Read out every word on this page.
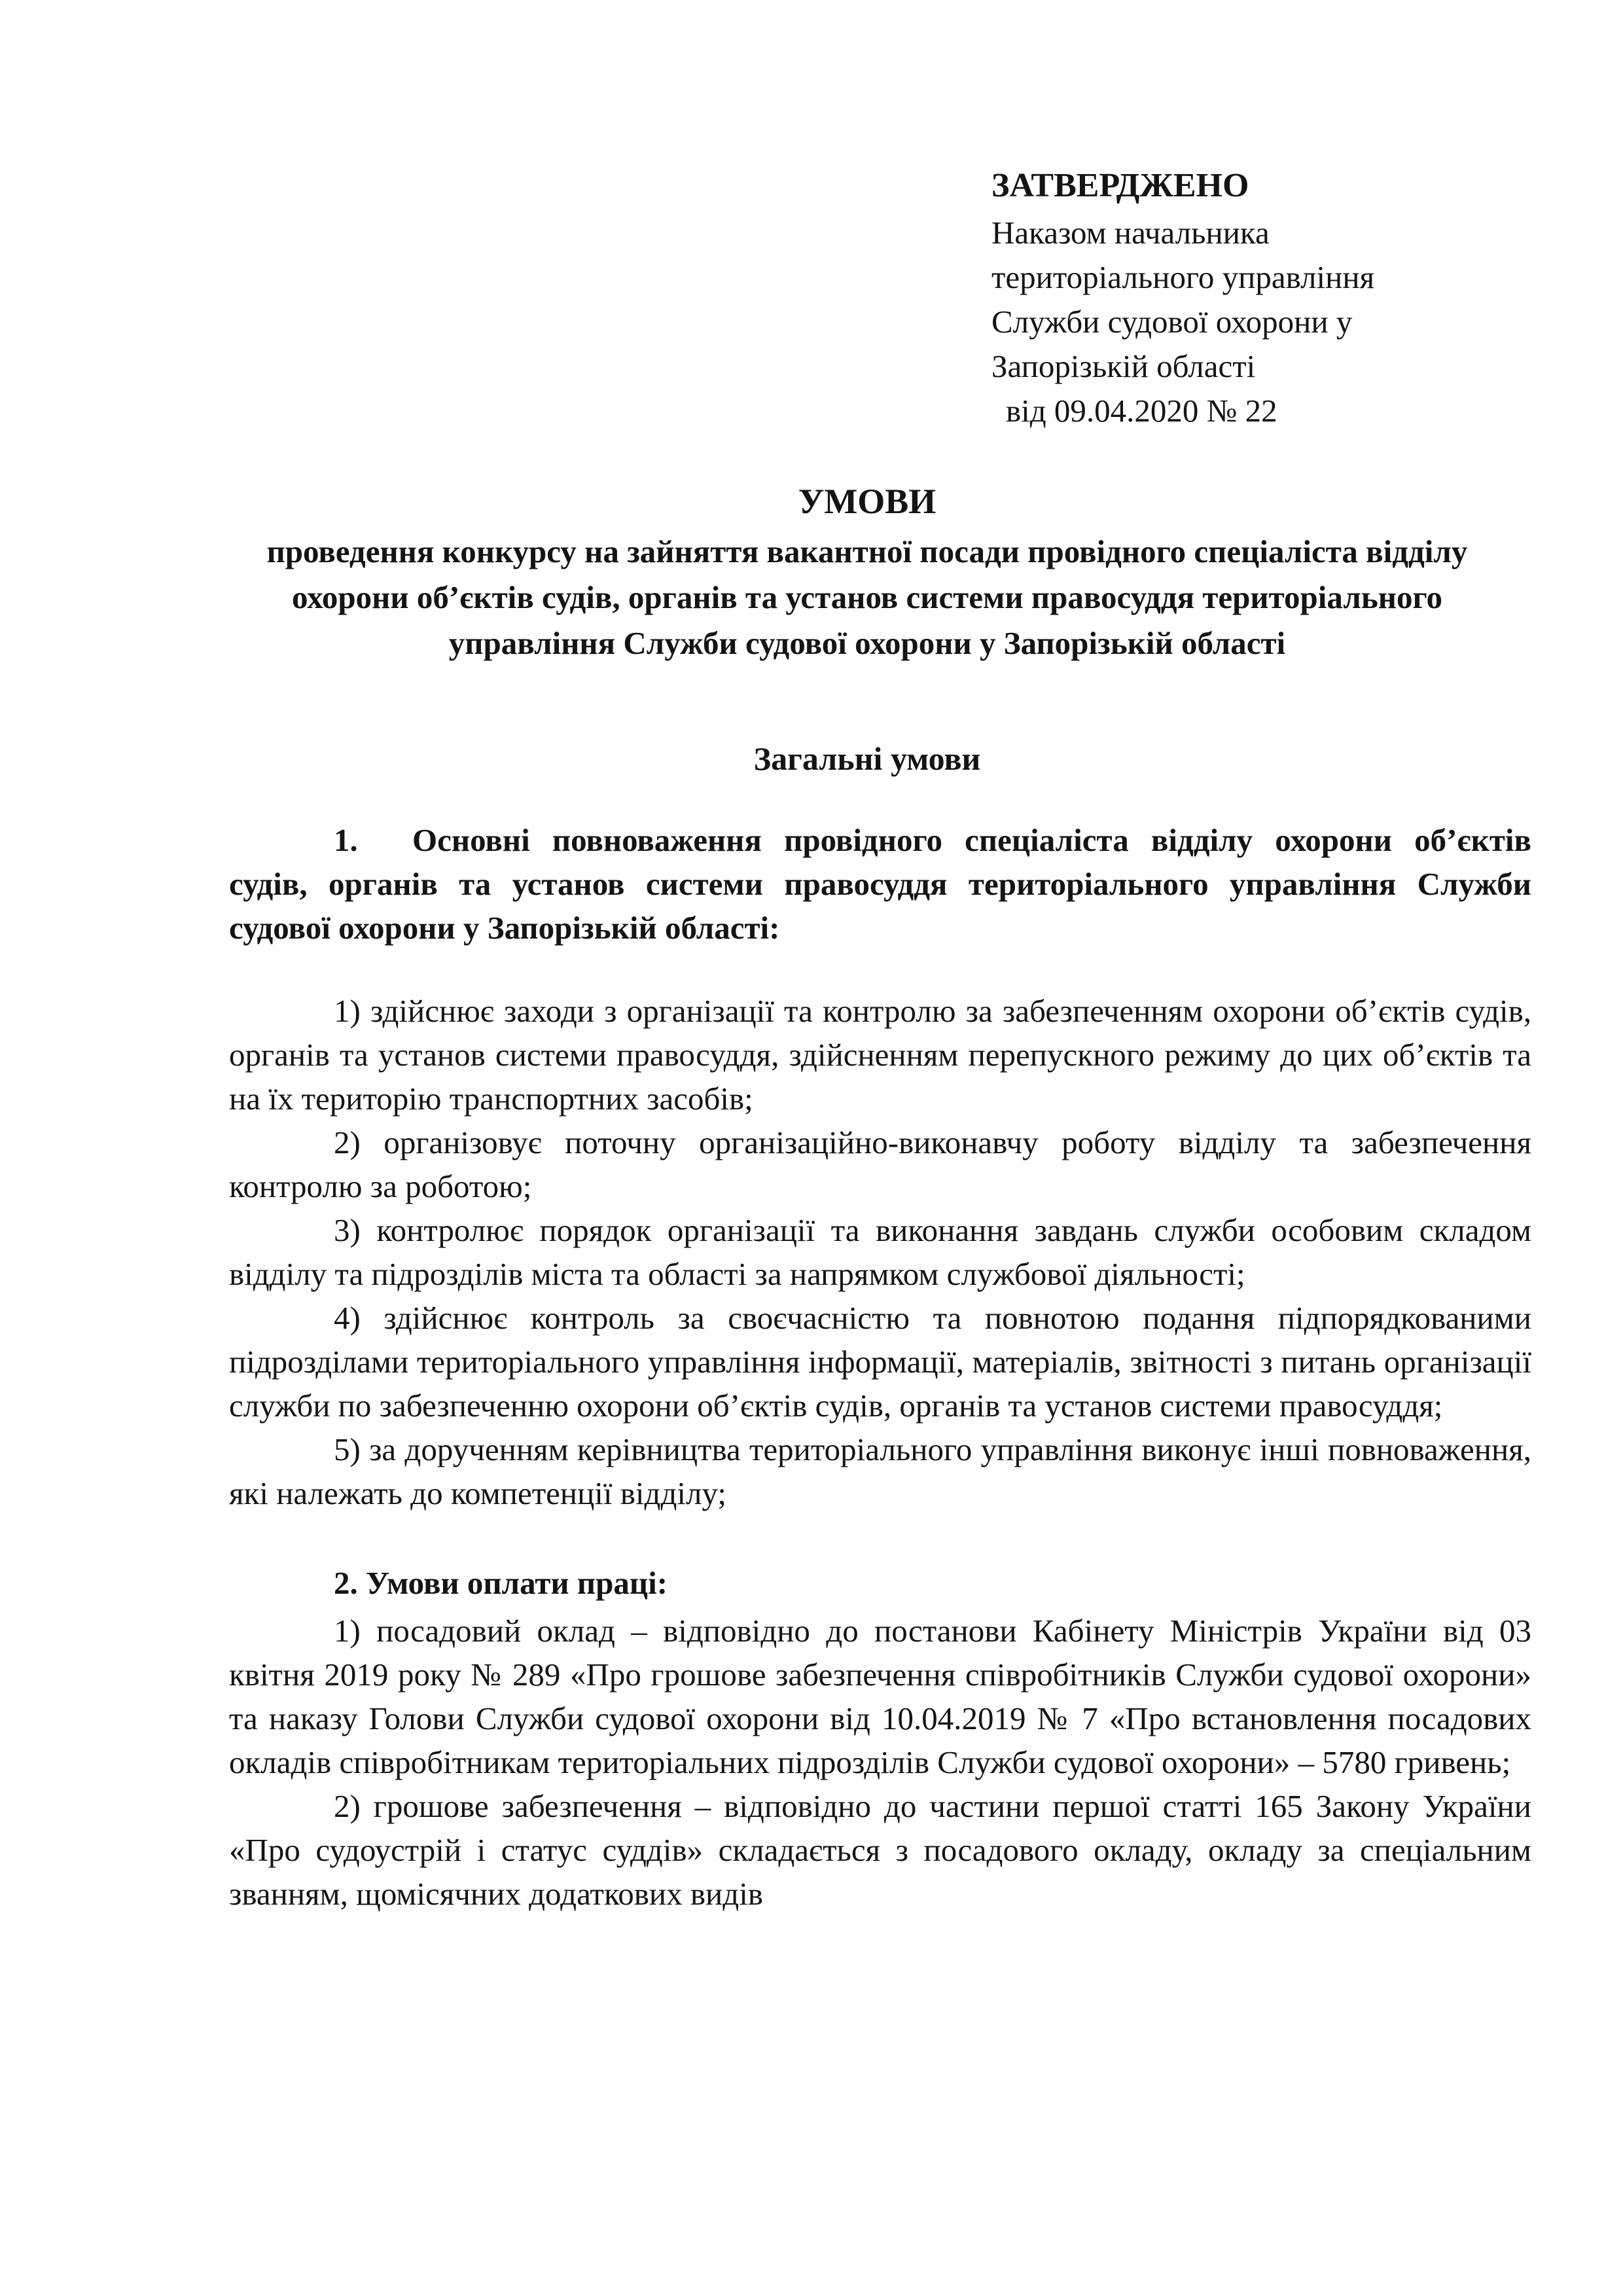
ЗАТВЕРДЖЕНО
Наказом начальника
територіального управління
Служби судової охорони у
Запорізькій області
від 09.04.2020 № 22
УМОВИ
проведення конкурсу на зайняття вакантної посади провідного спеціаліста відділу охорони об’єктів судів, органів та установ системи правосуддя територіального управління Служби судової охорони у Запорізькій області
Загальні умови

1. Основні повноваження провідного спеціаліста відділу охорони об’єктів судів, органів та установ системи правосуддя територіального управління Служби судової охорони у Запорізькій області:

1) здійснює заходи з організації та контролю за забезпеченням охорони об’єктів судів, органів та установ системи правосуддя, здійсненням перепускного режиму до цих об’єктів та на їх територію транспортних засобів;

2) організовує поточну організаційно-виконавчу роботу відділу та забезпечення контролю за роботою;

3) контролює порядок організації та виконання завдань служби особовим складом відділу та підрозділів міста та області за напрямком службової діяльності;

4) здійснює контроль за своєчасністю та повнотою подання підпорядкованими підрозділами територіального управління інформації, матеріалів, звітності з питань організації служби по забезпеченню охорони об’єктів судів, органів та установ системи правосуддя;

5) за дорученням керівництва територіального управління виконує інші повноваження, які належать до компетенції відділу;

2. Умови оплати праці:

1) посадовий оклад – відповідно до постанови Кабінету Міністрів України від 03 квітня 2019 року № 289 «Про грошове забезпечення співробітників Служби судової охорони» та наказу Голови Служби судової охорони від 10.04.2019 № 7 «Про встановлення посадових окладів співробітникам територіальних підрозділів Служби судової охорони» – 5780 гривень;

2) грошове забезпечення – відповідно до частини першої статті 165 Закону України «Про судоустрій і статус суддів» складається з посадового окладу, окладу за спеціальним званням, щомісячних додаткових видів
